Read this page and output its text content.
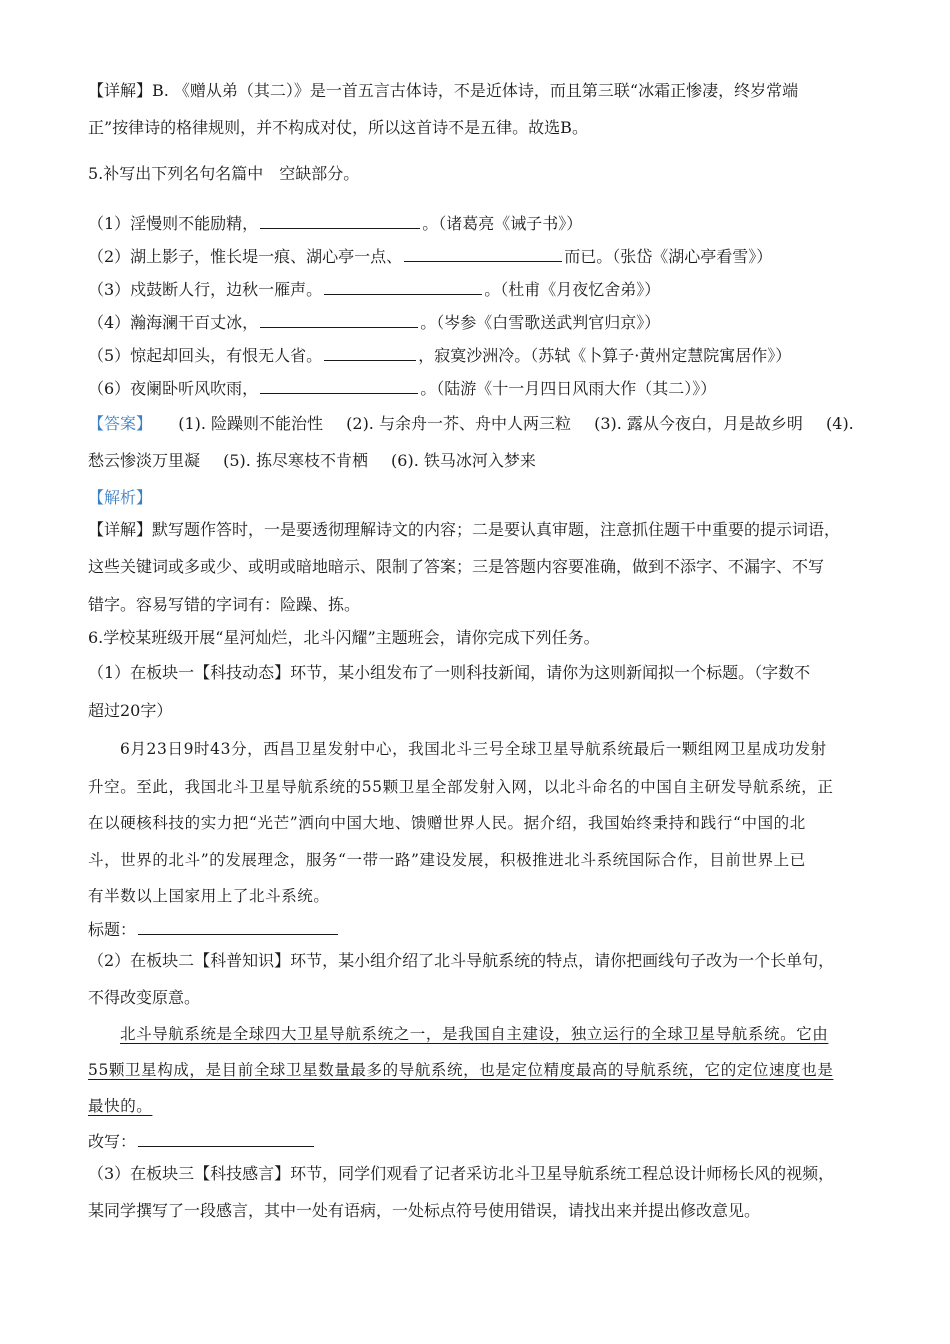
【详解】B. 《赠从弟（其二）》是一首五言古体诗，不是近体诗，而且第三联“冰霜正惨凄，终岁常端
正”按律诗的格律规则，并不构成对仗，所以这首诗不是五律。故选B。
5.补写出下列名句名篇中　空缺部分。
（1）淫慢则不能励精，	。（诸葛亮《诫子书》）
（2）湖上影子，惟长堤一痕、湖心亭一点、	而已。（张岱《湖心亭看雪》）
（3）戍鼓断人行，边秋一雁声。	。（杜甫《月夜忆舍弟》）
（4）瀚海澜干百丈冰，	。（岑参《白雪歌送武判官归京》）
（5）惊起却回头，有恨无人省。	，寂寞沙洲冷。（苏轼《卜算子·黄州定慧院寓居作》）
（6）夜阑卧听风吹雨，	。（陆游《十一月四日风雨大作（其二）》）
【答案】 (1). 险躁则不能治性 (2). 与余舟一芥、舟中人两三粒 (3). 露从今夜白，月是故乡明 (4).
愁云惨淡万里凝 (5). 拣尽寒枝不肯栖 (6). 铁马冰河入梦来
【解析】
【详解】默写题作答时，一是要透彻理解诗文的内容；二是要认真审题，注意抓住题干中重要的提示词语，
这些关键词或多或少、或明或暗地暗示、限制了答案；三是答题内容要准确，做到不添字、不漏字、不写
错字。容易写错的字词有：险躁、拣。
6.学校某班级开展“星河灿烂，北斗闪耀”主题班会，请你完成下列任务。
（1）在板块一【科技动态】环节，某小组发布了一则科技新闻，请你为这则新闻拟一个标题。（字数不
超过20字）
6月23日9时43分，西昌卫星发射中心，我国北斗三号全球卫星导航系统最后一颗组网卫星成功发射
升空。至此，我国北斗卫星导航系统的55颗卫星全部发射入网，以北斗命名的中国自主研发导航系统，正
在以硬核科技的实力把“光芒”洒向中国大地、馈赠世界人民。据介绍，我国始终秉持和践行“中国的北
斗，世界的北斗”的发展理念，服务“一带一路”建设发展，积极推进北斗系统国际合作，目前世界上已
有半数以上国家用上了北斗系统。
标题：
（2）在板块二【科普知识】环节，某小组介绍了北斗导航系统的特点，请你把画线句子改为一个长单句，
不得改变原意。
北斗导航系统是全球四大卫星导航系统之一，是我国自主建设，独立运行的全球卫星导航系统。它由
55颗卫星构成，是目前全球卫星数量最多的导航系统，也是定位精度最高的导航系统，它的定位速度也是
最快的。
改写：
（3）在板块三【科技感言】环节，同学们观看了记者采访北斗卫星导航系统工程总设计师杨长风的视频，
某同学撰写了一段感言，其中一处有语病，一处标点符号使用错误，请找出来并提出修改意见。
